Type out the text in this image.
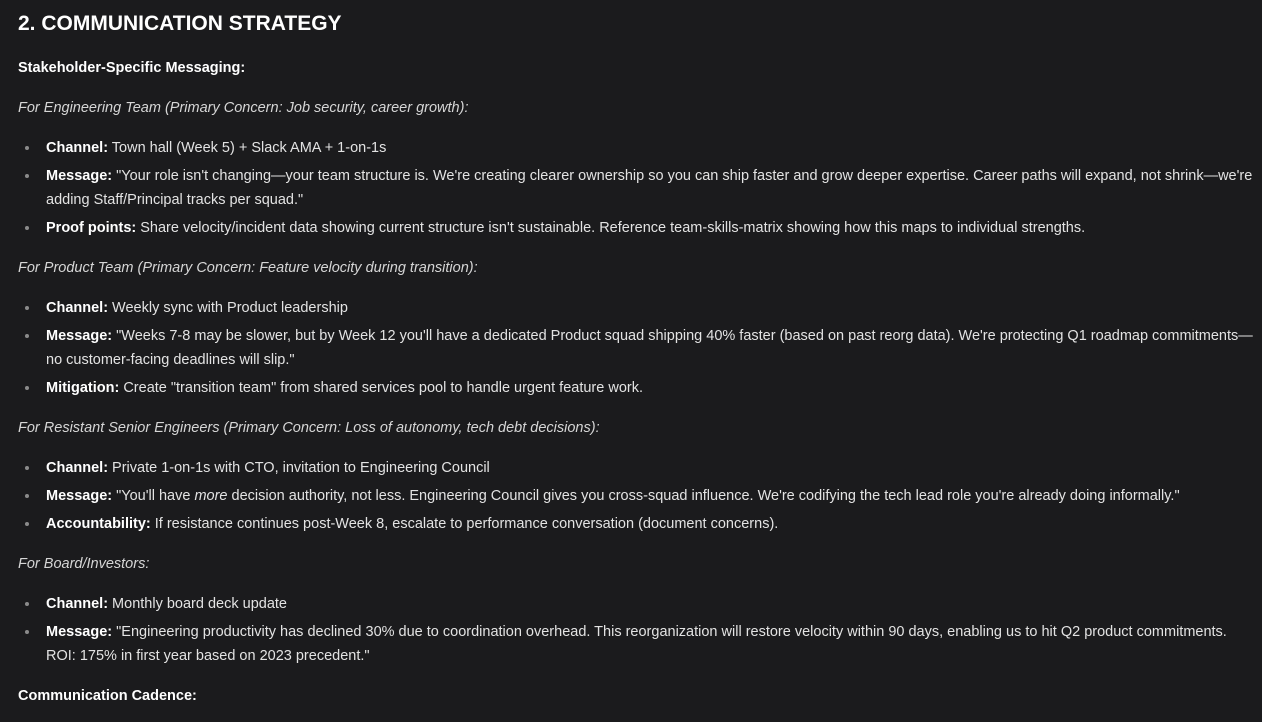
2. COMMUNICATION STRATEGY

Stakeholder-Specific Messaging:

For Engineering Team (Primary Concern: Job security, career growth):

Channel: Town hall (Week 5) + Slack AMA + 1-on-1s
Message: "Your role isn't changing—your team structure is. We're creating clearer ownership so you can ship faster and grow deeper expertise. Career paths will expand, not shrink—we're adding Staff/Principal tracks per squad."
Proof points: Share velocity/incident data showing current structure isn't sustainable. Reference team-skills-matrix showing how this maps to individual strengths.

For Product Team (Primary Concern: Feature velocity during transition):

Channel: Weekly sync with Product leadership
Message: "Weeks 7-8 may be slower, but by Week 12 you'll have a dedicated Product squad shipping 40% faster (based on past reorg data). We're protecting Q1 roadmap commitments—no customer-facing deadlines will slip."
Mitigation: Create "transition team" from shared services pool to handle urgent feature work.

For Resistant Senior Engineers (Primary Concern: Loss of autonomy, tech debt decisions):

Channel: Private 1-on-1s with CTO, invitation to Engineering Council
Message: "You'll have more decision authority, not less. Engineering Council gives you cross-squad influence. We're codifying the tech lead role you're already doing informally."
Accountability: If resistance continues post-Week 8, escalate to performance conversation (document concerns).

For Board/Investors:

Channel: Monthly board deck update
Message: "Engineering productivity has declined 30% due to coordination overhead. This reorganization will restore velocity within 90 days, enabling us to hit Q2 product commitments. ROI: 175% in first year based on 2023 precedent."

Communication Cadence:
